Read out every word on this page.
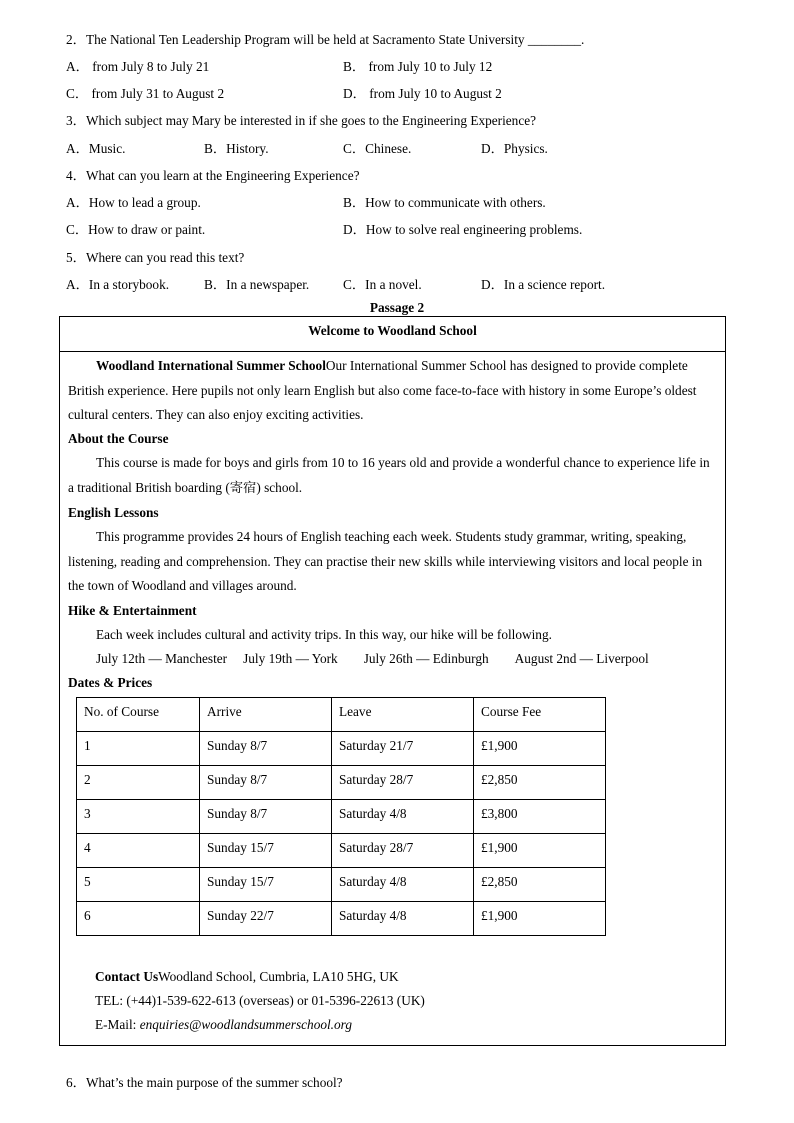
2．The National Ten Leadership Program will be held at Sacramento State University ________.
A． from July 8 to July 21	B． from July 10 to July 12
C． from July 31 to August 2	D． from July 10 to August 2
3．Which subject may Mary be interested in if she goes to the Engineering Experience?
A．Music.	B．History.	C．Chinese.	D．Physics.
4．What can you learn at the Engineering Experience?
A．How to lead a group.	B．How to communicate with others.
C．How to draw or paint.	D．How to solve real engineering problems.
5．Where can you read this text?
A．In a storybook.	B．In a newspaper.	C．In a novel.	D．In a science report.
Passage 2
Welcome to Woodland School
Woodland International Summer SchoolOur International Summer School has designed to provide complete British experience. Here pupils not only learn English but also come face-to-face with history in some Europe’s oldest cultural centers. They can also enjoy exciting activities.
About the Course
This course is made for boys and girls from 10 to 16 years old and provide a wonderful chance to experience life in a traditional British boarding (寄宿) school.
English Lessons
This programme provides 24 hours of English teaching each week. Students study grammar, writing, speaking, listening, reading and comprehension. They can practise their new skills while interviewing visitors and local people in the town of Woodland and villages around.
Hike & Entertainment
Each week includes cultural and activity trips. In this way, our hike will be following.
July 12th — Manchester July 19th — York July 26th — Edinburgh August 2nd — Liverpool
Dates & Prices
No. of Course	Arrive	Leave	Course Fee
1	Sunday 8/7	Saturday 21/7	£1,900
2	Sunday 8/7	Saturday 28/7	£2,850
3	Sunday 8/7	Saturday 4/8	£3,800
4	Sunday 15/7	Saturday 28/7	£1,900
5	Sunday 15/7	Saturday 4/8	£2,850
6	Sunday 22/7	Saturday 4/8	£1,900
Contact UsWoodland School, Cumbria, LA10 5HG, UK
TEL: (+44)1-539-622-613 (overseas) or 01-5396-22613 (UK)
E-Mail: enquiries@woodlandsummerschool.org
6．What’s the main purpose of the summer school?
